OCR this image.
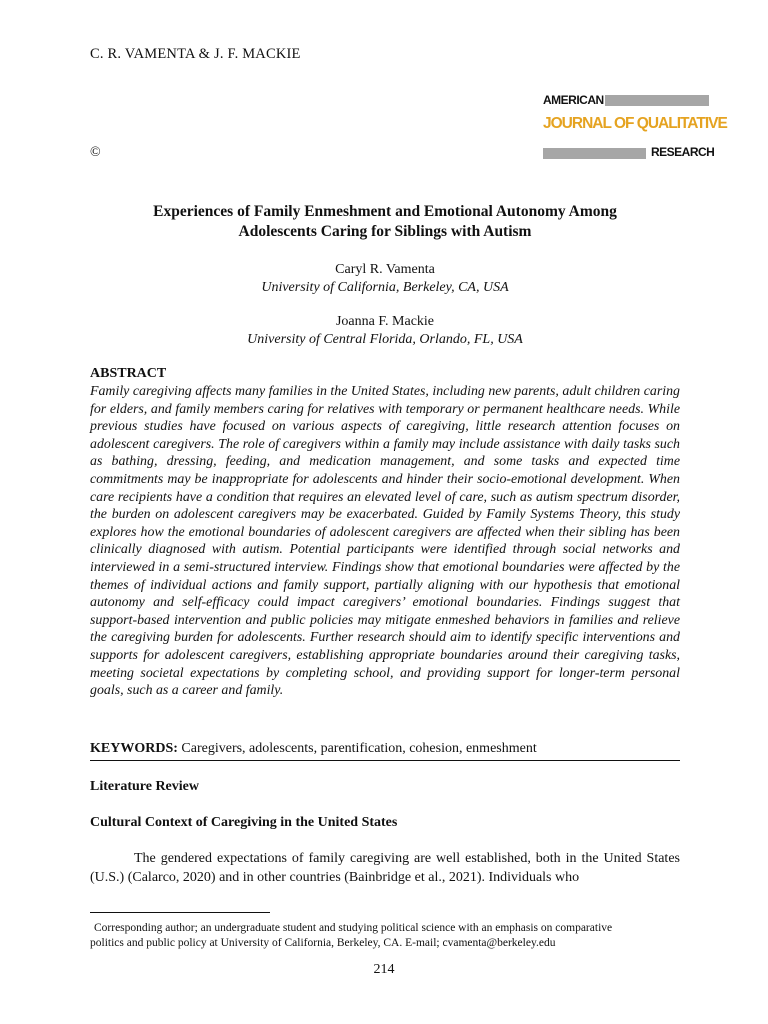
C. R. VAMENTA & J. F. MACKIE
AMERICAN
JOURNAL OF QUALITATIVE
RESEARCH
©
Experiences of Family Enmeshment and Emotional Autonomy Among
Adolescents Caring for Siblings with Autism
Caryl R. Vamenta
University of California, Berkeley, CA, USA
Joanna F. Mackie
University of Central Florida, Orlando, FL, USA
ABSTRACT
Family caregiving affects many families in the United States, including new parents, adult children caring for elders, and family members caring for relatives with temporary or permanent healthcare needs. While previous studies have focused on various aspects of caregiving, little research attention focuses on adolescent caregivers. The role of caregivers within a family may include assistance with daily tasks such as bathing, dressing, feeding, and medication management, and some tasks and expected time commitments may be inappropriate for adolescents and hinder their socio-emotional development. When care recipients have a condition that requires an elevated level of care, such as autism spectrum disorder, the burden on adolescent caregivers may be exacerbated. Guided by Family Systems Theory, this study explores how the emotional boundaries of adolescent caregivers are affected when their sibling has been clinically diagnosed with autism. Potential participants were identified through social networks and interviewed in a semi-structured interview. Findings show that emotional boundaries were affected by the themes of individual actions and family support, partially aligning with our hypothesis that emotional autonomy and self-efficacy could impact caregivers’ emotional boundaries. Findings suggest that support-based intervention and public policies may mitigate enmeshed behaviors in families and relieve the caregiving burden for adolescents. Further research should aim to identify specific interventions and supports for adolescent caregivers, establishing appropriate boundaries around their caregiving tasks, meeting societal expectations by completing school, and providing support for longer-term personal goals, such as a career and family.
KEYWORDS: Caregivers, adolescents, parentification, cohesion, enmeshment
Literature Review
Cultural Context of Caregiving in the United States
The gendered expectations of family caregiving are well established, both in the United States (U.S.) (Calarco, 2020) and in other countries (Bainbridge et al., 2021). Individuals who
Corresponding author; an undergraduate student and studying political science with an emphasis on comparative
politics and public policy at University of California, Berkeley, CA. E-mail; cvamenta@berkeley.edu
214
